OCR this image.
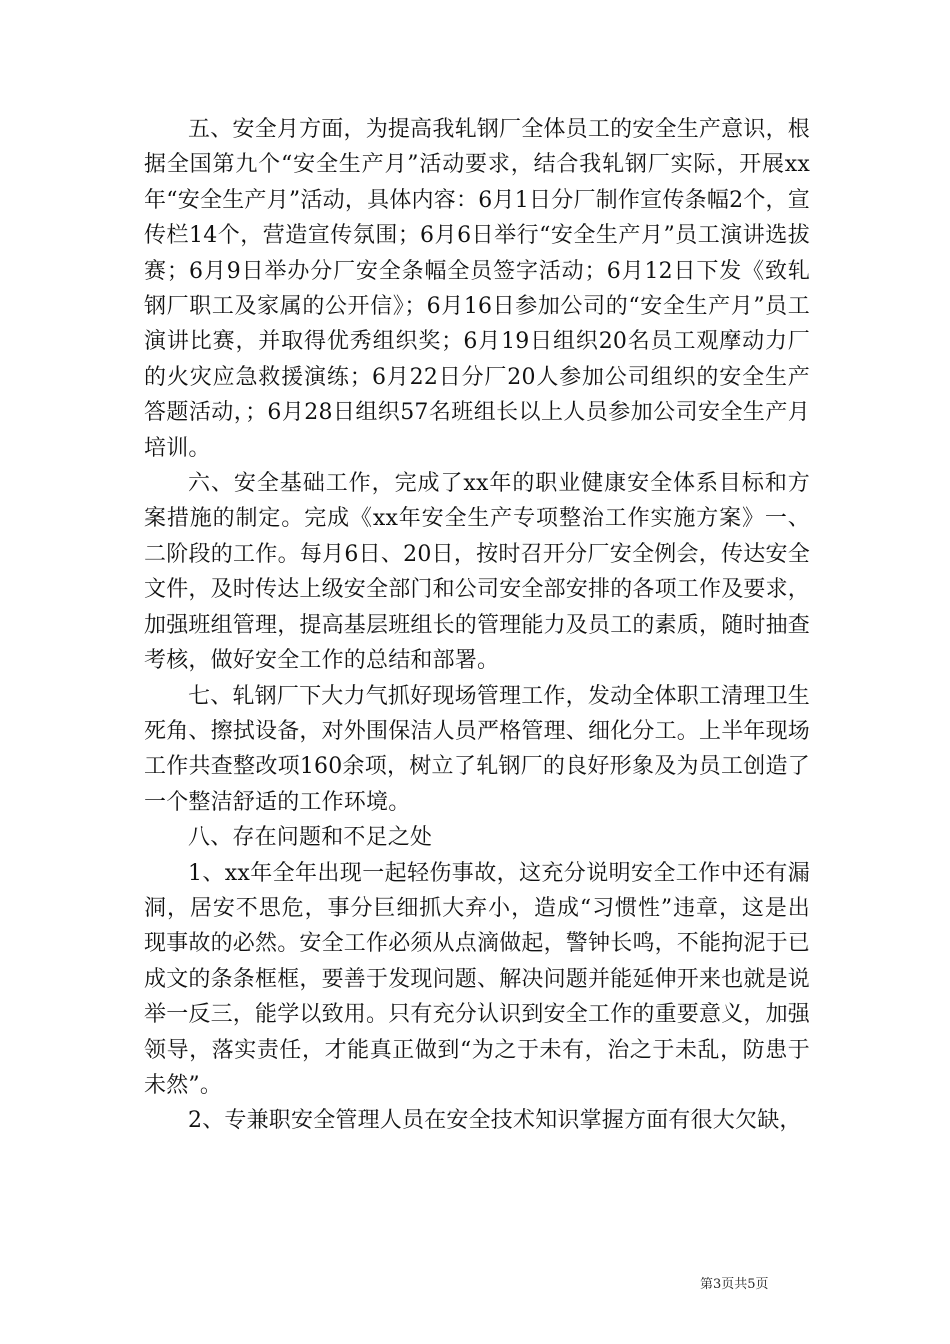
五、安全月方面，为提高我轧钢厂全体员工的安全生产意识，根据全国第九个“安全生产月”活动要求，结合我轧钢厂实际，开展xx年“安全生产月”活动，具体内容：6月1日分厂制作宣传条幅2个，宣传栏14个，营造宣传氛围；6月6日举行“安全生产月”员工演讲选拔赛；6月9日举办分厂安全条幅全员签字活动；6月12日下发《致轧钢厂职工及家属的公开信》；6月16日参加公司的“安全生产月”员工演讲比赛，并取得优秀组织奖；6月19日组织20名员工观摩动力厂的火灾应急救援演练；6月22日分厂20人参加公司组织的安全生产答题活动，；6月28日组织57名班组长以上人员参加公司安全生产月培训。

六、安全基础工作，完成了xx年的职业健康安全体系目标和方案措施的制定。完成《xx年安全生产专项整治工作实施方案》一、二阶段的工作。每月6日、20日，按时召开分厂安全例会，传达安全文件，及时传达上级安全部门和公司安全部安排的各项工作及要求，加强班组管理，提高基层班组长的管理能力及员工的素质，随时抽查考核，做好安全工作的总结和部署。

七、轧钢厂下大力气抓好现场管理工作，发动全体职工清理卫生死角、擦拭设备，对外围保洁人员严格管理、细化分工。上半年现场工作共查整改项160余项，树立了轧钢厂的良好形象及为员工创造了一个整洁舒适的工作环境。

八、存在问题和不足之处

1、xx年全年出现一起轻伤事故，这充分说明安全工作中还有漏洞，居安不思危，事分巨细抓大弃小，造成“习惯性”违章，这是出现事故的必然。安全工作必须从点滴做起，警钟长鸣，不能拘泥于已成文的条条框框，要善于发现问题、解决问题并能延伸开来也就是说举一反三，能学以致用。只有充分认识到安全工作的重要意义，加强领导，落实责任，才能真正做到“为之于未有，治之于未乱，防患于未然”。

2、专兼职安全管理人员在安全技术知识掌握方面有很大欠缺，

第3页共5页
